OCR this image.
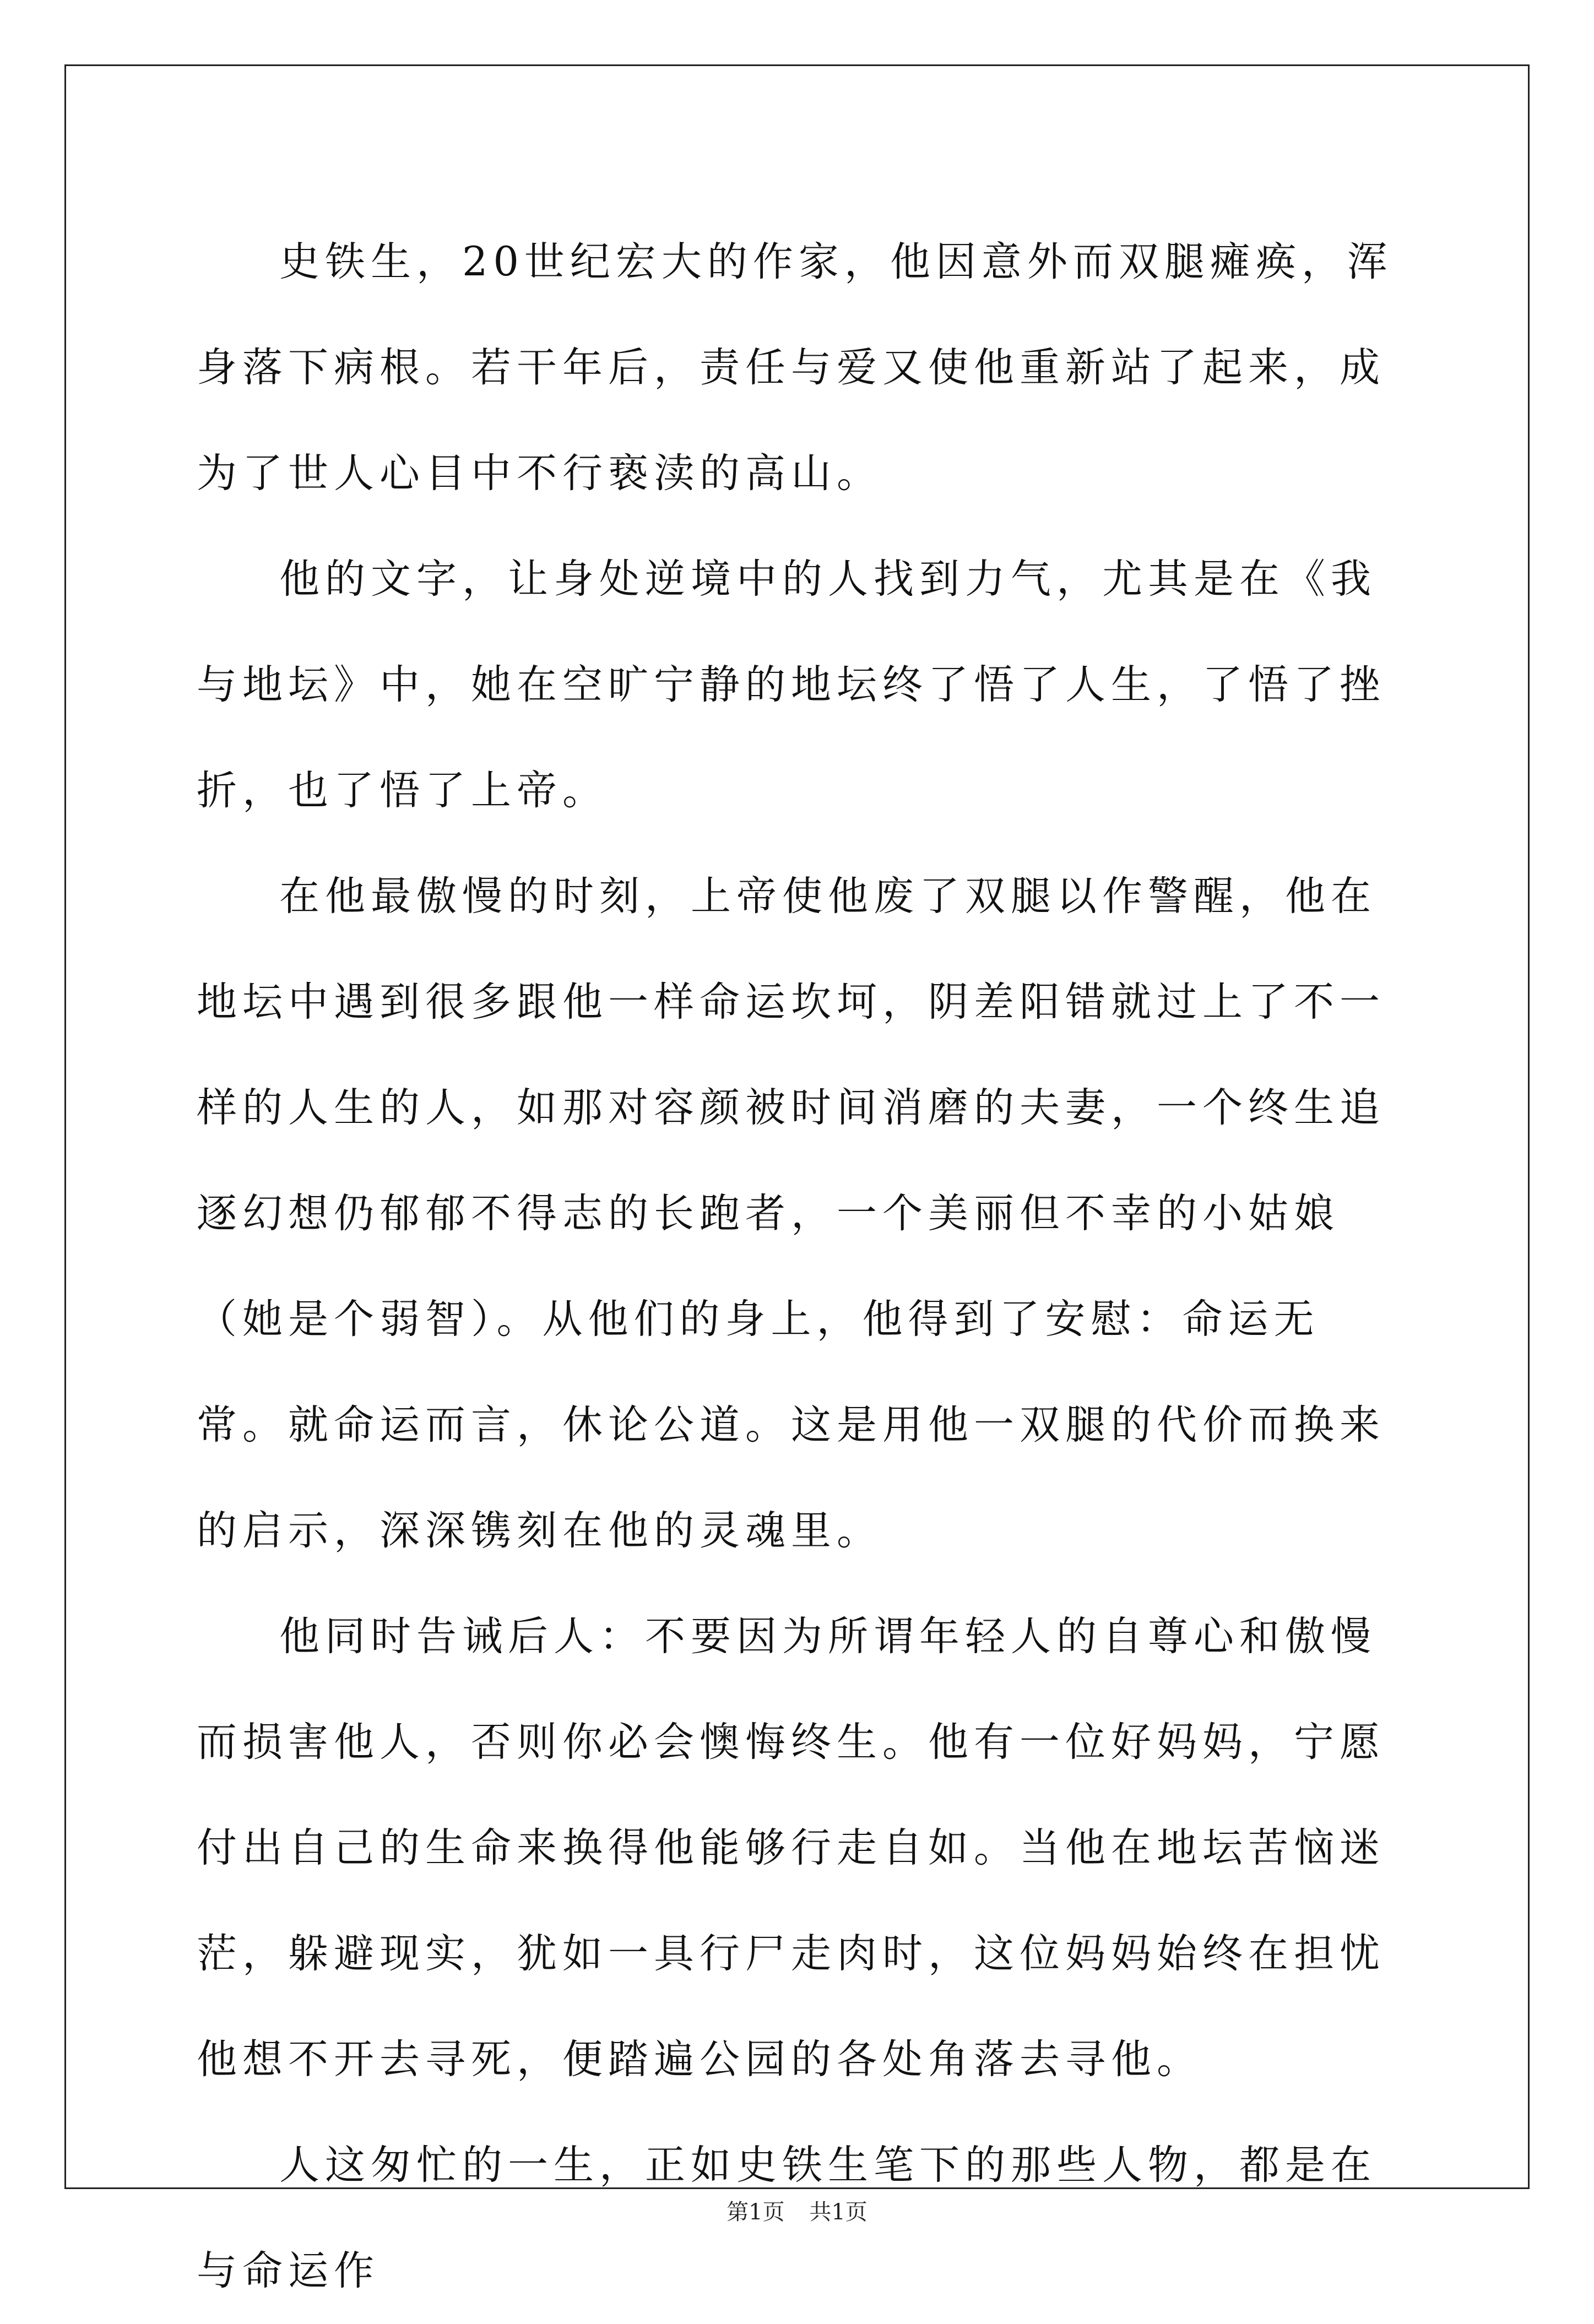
史铁生，20世纪宏大的作家，他因意外而双腿瘫痪，浑身落下病根。若干年后，责任与爱又使他重新站了起来，成为了世人心目中不行亵渎的高山。

他的文字，让身处逆境中的人找到力气，尤其是在《我与地坛》中，她在空旷宁静的地坛终了悟了人生，了悟了挫折，也了悟了上帝。

在他最傲慢的时刻，上帝使他废了双腿以作警醒，他在地坛中遇到很多跟他一样命运坎坷，阴差阳错就过上了不一样的人生的人，如那对容颜被时间消磨的夫妻，一个终生追逐幻想仍郁郁不得志的长跑者，一个美丽但不幸的小姑娘（她是个弱智）。从他们的身上，他得到了安慰：命运无常。就命运而言，休论公道。这是用他一双腿的代价而换来的启示，深深镌刻在他的灵魂里。

他同时告诫后人：不要因为所谓年轻人的自尊心和傲慢而损害他人，否则你必会懊悔终生。他有一位好妈妈，宁愿付出自己的生命来换得他能够行走自如。当他在地坛苦恼迷茫，躲避现实，犹如一具行尸走肉时，这位妈妈始终在担忧他想不开去寻死，便踏遍公园的各处角落去寻他。

人这匆忙的一生，正如史铁生笔下的那些人物，都是在与命运作

第1页 共1页
